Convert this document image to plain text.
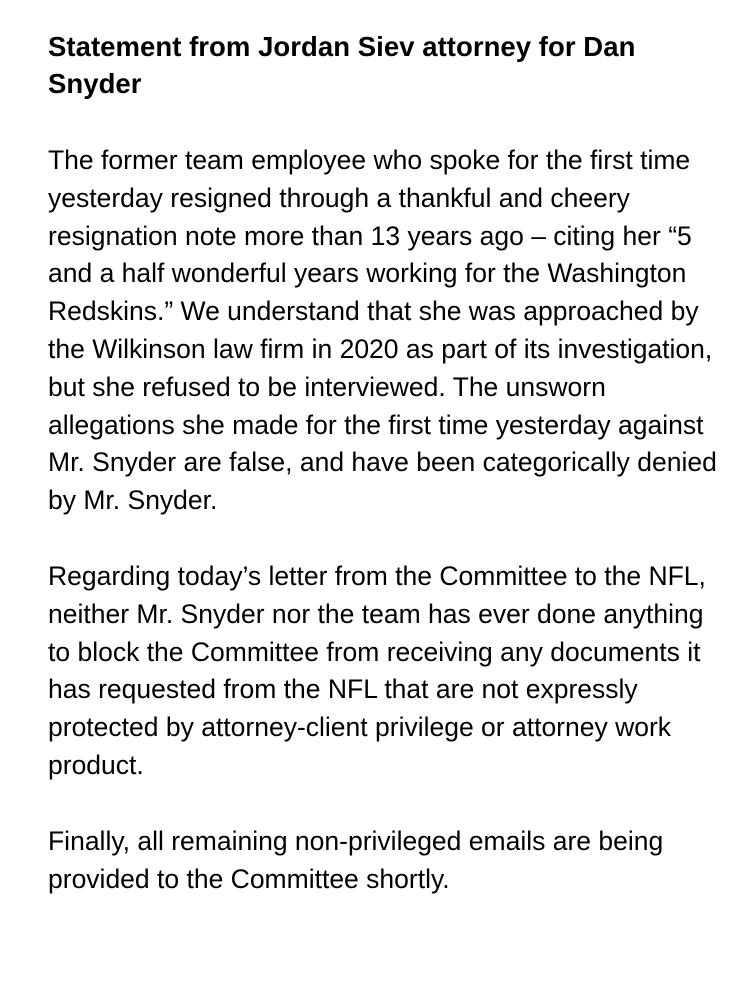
Statement from Jordan Siev attorney for Dan Snyder

The former team employee who spoke for the first time yesterday resigned through a thankful and cheery resignation note more than 13 years ago – citing her “5 and a half wonderful years working for the Washington Redskins.” We understand that she was approached by the Wilkinson law firm in 2020 as part of its investigation, but she refused to be interviewed. The unsworn allegations she made for the first time yesterday against Mr. Snyder are false, and have been categorically denied by Mr. Snyder.

Regarding today’s letter from the Committee to the NFL, neither Mr. Snyder nor the team has ever done anything to block the Committee from receiving any documents it has requested from the NFL that are not expressly protected by attorney-client privilege or attorney work product.

Finally, all remaining non-privileged emails are being provided to the Committee shortly.
